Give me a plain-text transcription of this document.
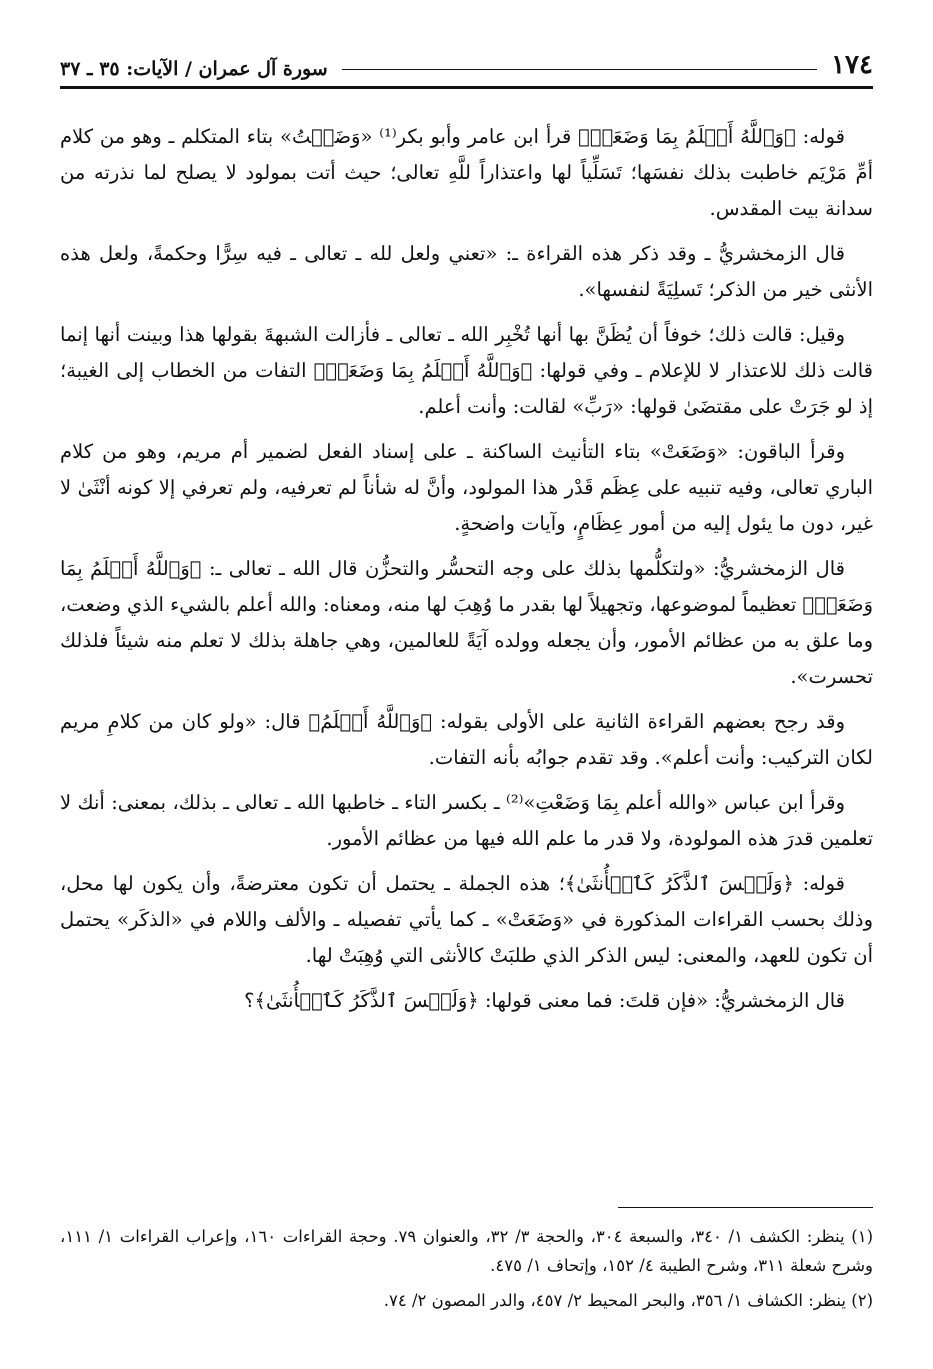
١٧٤
سورة آل عمران / الآيات: ٣٥ ـ ٣٧

قوله: ﴿وَٱللَّهُ أَعۡلَمُ بِمَا وَضَعَتۡ﴾ قرأ ابن عامر وأبو بكر⁽¹⁾ «وَضَعۡتُ» بتاء المتكلم ـ وهو من كلام أمِّ مَرْيَم خاطبت بذلك نفسَها؛ تَسَلِّياً لها واعتذاراً للَّهِ تعالى؛ حيث أتت بمولود لا يصلح لما نذرته من سدانة بيت المقدس.

قال الزمخشريُّ ـ وقد ذكر هذه القراءة ـ: «تعني ولعل لله ـ تعالى ـ فيه سِرًّا وحكمةً، ولعل هذه الأنثى خير من الذكر؛ تَسلِيَةً لنفسها».

وقيل: قالت ذلك؛ خوفاً أن يُظَنَّ بها أنها تُخْبِر الله ـ تعالى ـ فأزالت الشبهةَ بقولها هذا وبينت أنها إنما قالت ذلك للاعتذار لا للإعلام ـ وفي قولها: ﴿وَٱللَّهُ أَعۡلَمُ بِمَا وَضَعَتۡ﴾ التفات من الخطاب إلى الغيبة؛ إذ لو جَرَتْ على مقتضَىٰ قولها: «رَبِّ» لقالت: وأنت أعلم.

وقرأ الباقون: «وَضَعَتْ» بتاء التأنيث الساكنة ـ على إسناد الفعل لضمير أم مريم، وهو من كلام الباري تعالى، وفيه تنبيه على عِظَم قَدْر هذا المولود، وأنَّ له شأناً لم تعرفيه، ولم تعرفي إلا كونه أنْثَىٰ لا غير، دون ما يئول إليه من أمور عِظَامٍ، وآيات واضحةٍ.

قال الزمخشريُّ: «ولتكلُّمها بذلك على وجه التحسُّر والتحزُّن قال الله ـ تعالى ـ: ﴿وَٱللَّهُ أَعۡلَمُ بِمَا وَضَعَتۡ﴾ تعظيماً لموضوعها، وتجهيلاً لها بقدر ما وُهِبَ لها منه، ومعناه: والله أعلم بالشيء الذي وضعت، وما علق به من عظائم الأمور، وأن يجعله وولده آيَةً للعالمين، وهي جاهلة بذلك لا تعلم منه شيئاً فلذلك تحسرت».

وقد رجح بعضهم القراءة الثانية على الأولى بقوله: ﴿وَٱللَّهُ أَعۡلَمُ﴾ قال: «ولو كان من كلامِ مريم لكان التركيب: وأنت أعلم». وقد تقدم جوابُه بأنه التفات.

وقرأ ابن عباس «والله أعلم بِمَا وَضَعْتِ»⁽²⁾ ـ بكسر التاء ـ خاطبها الله ـ تعالى ـ بذلك، بمعنى: أنك لا تعلمين قدرَ هذه المولودة، ولا قدر ما علم الله فيها من عظائم الأمور.

قوله: ﴿وَلَيۡسَ ٱلذَّكَرُ كَٱلۡأُنثَىٰ﴾؛ هذه الجملة ـ يحتمل أن تكون معترضةً، وأن يكون لها محل، وذلك بحسب القراءات المذكورة في «وَضَعَتْ» ـ كما يأتي تفصيله ـ والألف واللام في «الذكَر» يحتمل أن تكون للعهد، والمعنى: ليس الذكر الذي طلبَتْ كالأنثى التي وُهِبَتْ لها.

قال الزمخشريُّ: «فإن قلتَ: فما معنى قولها: ﴿وَلَيۡسَ ٱلذَّكَرُ كَٱلۡأُنثَىٰ﴾؟

(١) ينظر: الكشف ١/ ٣٤٠، والسبعة ٣٠٤، والحجة ٣/ ٣٢، والعنوان ٧٩. وحجة القراءات ١٦٠، وإعراب القراءات ١/ ١١١، وشرح شعلة ٣١١، وشرح الطيبة ٤/ ١٥٢، وإتحاف ١/ ٤٧٥.

(٢) ينظر: الكشاف ١/ ٣٥٦، والبحر المحيط ٢/ ٤٥٧، والدر المصون ٢/ ٧٤.
